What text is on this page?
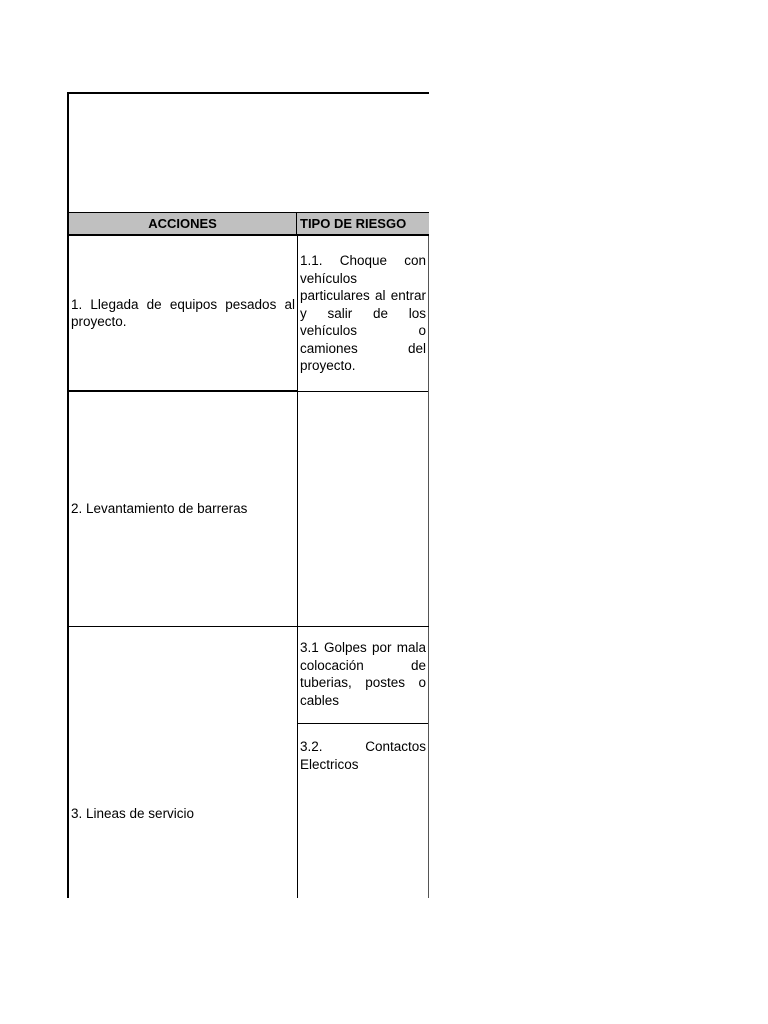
ACCIONES	TIPO DE RIESGO
1. Llegada de equipos pesados al proyecto.
1.1. Choque con vehículos particulares al entrar y salir de los vehículos o camiones del proyecto.
2. Levantamiento de barreras
3. Lineas de servicio
3.1 Golpes por mala colocación de tuberias, postes o cables
3.2. Contactos Electricos
